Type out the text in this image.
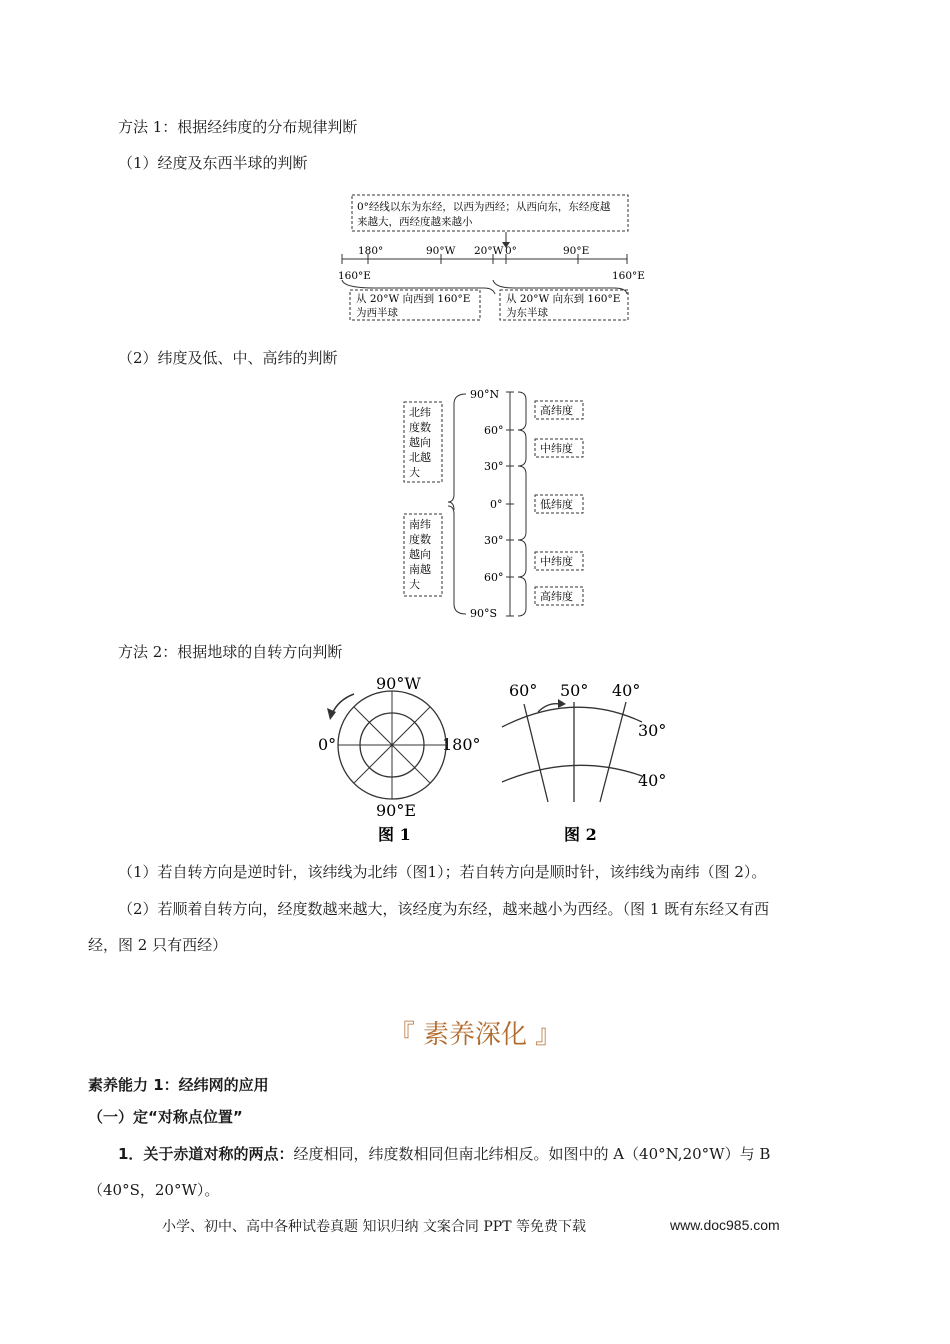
方法 1：根据经纬度的分布规律判断
（1）经度及东西半球的判断
0°经线以东为东经，以西为西经；从西向东，东经度越
来越大，西经度越来越小
180°	90°W 20°W 0°	90°E
160°E	160°E
从 20°W 向西到 160°E
为西半球
从 20°W 向东到 160°E
为东半球
（2）纬度及低、中、高纬的判断
北纬
度数
越向
北越
大
南纬
度数
越向
南越
大
90°N
60°
30°
0°
30°
60°
90°S
高纬度
中纬度
低纬度
中纬度
高纬度
方法 2：根据地球的自转方向判断
90°W
0°	180°
90°E
图 1
60° 50° 40°
30°
40°
图 2
（1）若自转方向是逆时针，该纬线为北纬（图1）；若自转方向是顺时针，该纬线为南纬（图 2）。
（2）若顺着自转方向，经度数越来越大，该经度为东经，越来越小为西经。（图 1 既有东经又有西
经，图 2 只有西经）
『 素养深化 』
素养能力 1：经纬网的应用
（一）定“对称点位置”
1．关于赤道对称的两点：经度相同，纬度数相同但南北纬相反。如图中的 A（40°N,20°W）与 B
（40°S，20°W）。
小学、初中、高中各种试卷真题 知识归纳 文案合同 PPT 等免费下载	www.doc985.com
